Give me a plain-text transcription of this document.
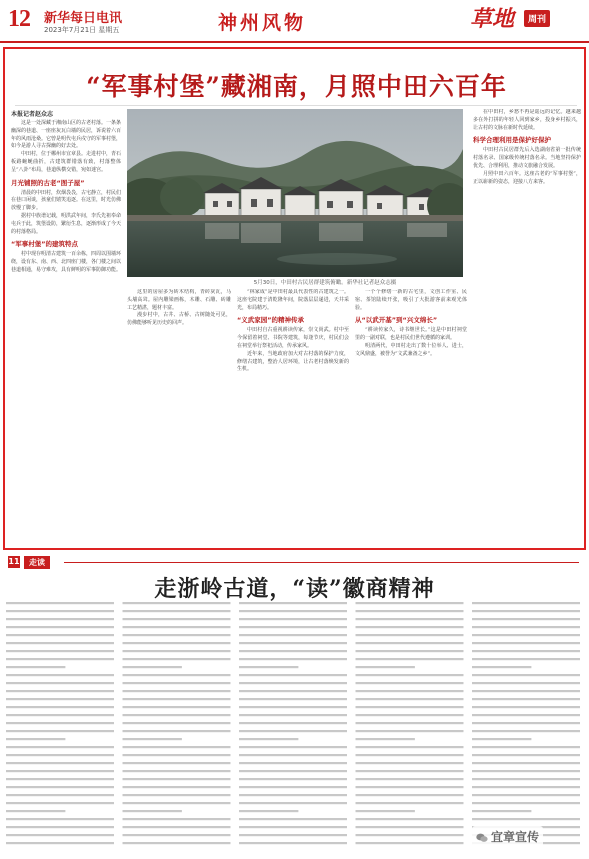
12 新华每日电讯
2023年7月21日 星期五	神州风物	草地	周刊
“军事村堡”藏湘南，月照中田六百年

本报记者赵众志

这是一处深藏于湘南山区的古老村落。一条条幽深的巷道、一座座灰瓦白墙的民居，诉说着六百年的风雨沧桑。它曾是明代屯兵戍守的军事村堡，如今是游人寻古探幽的好去处。

中田村，位于郴州市宜章县。走进村中，青石板路蜿蜒曲折，古建筑群错落有致，村落整体呈“八卦”布局，巷道纵横交错，宛如迷宫。

月光铺照的古老“图子屋”

清晨的中田村，炊烟袅袅，古宅静立，村民们在巷口闲谈，孩童们嬉笑追逐。在这里，时光仿佛放慢了脚步。

据村中族谱记载，明洪武年间，李氏先祖奉命屯兵于此，筑堡设防，繁衍生息，逐渐形成了今天的村落格局。

“军事村堡”的建筑特点

村中现存明清古建筑一百余栋，四周以围墙环绕，设有东、南、西、北四座门楼，各门楼之间以巷道相通，易守难攻，具有鲜明的军事防御功能。

5月30日，中田村古民居群建筑俯瞰。新华社记者赵众志摄

这里的房屋多为砖木结构，青砖灰瓦，马头墙高耸。屋内雕梁画栋，木雕、石雕、砖雕工艺精湛，题材丰富。

漫步村中，古井、古桥、古树随处可见，仿佛能够听见历史的回声。

“林家成”是中田村最具代表性的古建筑之一。这座宅院建于清乾隆年间，院落层层递进，天井采光，布局精巧。

“义武家园”的精神传承

中田村自古重视耕读传家，崇文尚武。村中至今保留着祠堂、书院等建筑，每逢节庆，村民们会在祠堂举行祭祀活动，传承家风。

近年来，当地政府加大对古村落的保护力度，修缮古建筑，整治人居环境，让古老村落焕发新的生机。

一个个修缮一新的古宅里，文创工作室、民宿、茶馆陆续开张，吸引了大批游客前来观光体验。

从“以武开基”到“兴文绵长”

“耕读传家久，诗书继世长。”这是中田村祠堂里的一副对联，也是村民们世代遵循的家训。

明清两代，中田村走出了数十位举人、进士，文风鼎盛，被誉为“文武兼备之乡”。

在中田村，乡愁不再是遥远的记忆。越来越多在外打拼的年轻人回到家乡，投身乡村振兴，让古村的文脉在新时代延续。

科学合理利用是保护好保护

中田村古民居群先后入选湖南省第一批传统村落名录、国家级传统村落名录。当地坚持保护优先、合理利用，推动文旅融合发展。

月照中田六百年。这座古老的“军事村堡”，正以崭新的姿态，迎接八方来客。

11	走读
走浙岭古道，“读”徽商精神
宜章宣传
